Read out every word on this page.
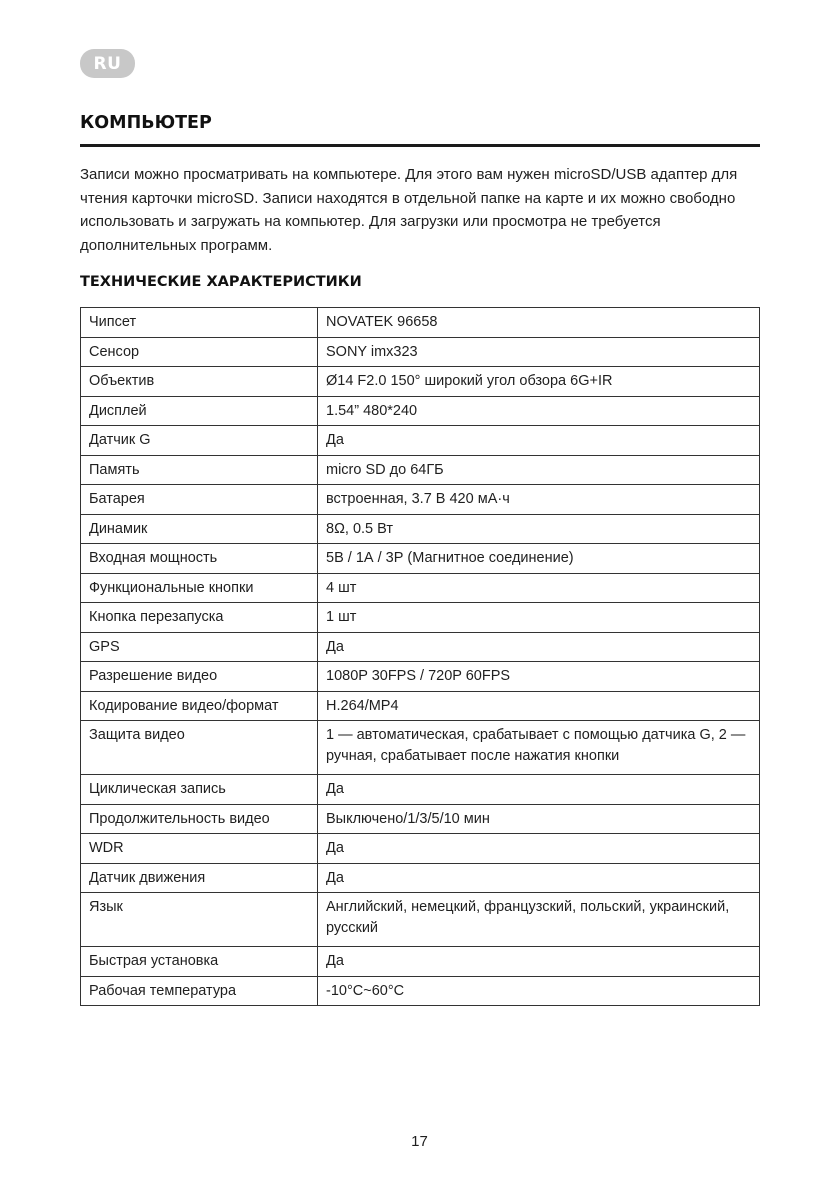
RU
КОМПЬЮТЕР

Записи можно просматривать на компьютере. Для этого вам нужен microSD/USB адаптер для чтения карточки microSD. Записи находятся в отдельной папке на карте и их можно свободно использовать и загружать на компьютер. Для загрузки или просмотра не требуется дополнительных программ.

ТЕХНИЧЕСКИЕ ХАРАКТЕРИСТИКИ
Чипсет	NOVATEK 96658
Сенсор	SONY imx323
Объектив	Ø14 F2.0 150° широкий угол обзора 6G+IR
Дисплей	1.54” 480*240
Датчик G	Да
Память	micro SD до 64ГБ
Батарея	встроенная, 3.7 В 420 мА·ч
Динамик	8Ω, 0.5 Вт
Входная мощность	5В / 1А / 3Р (Магнитное соединение)
Функциональные кнопки	4 шт
Кнопка перезапуска	1 шт
GPS	Да
Разрешение видео	1080P 30FPS / 720P 60FPS
Кодирование видео/формат	H.264/MP4
Защита видео	1 — автоматическая, срабатывает с помощью датчика G, 2 — ручная, срабатывает после нажатия кнопки
Циклическая запись	Да
Продолжительность видео	Выключено/1/3/5/10 мин
WDR	Да
Датчик движения	Да
Язык	Английский, немецкий, французский, польский, украинский, русский
Быстрая установка	Да
Рабочая температура	-10°C~60°C
17
